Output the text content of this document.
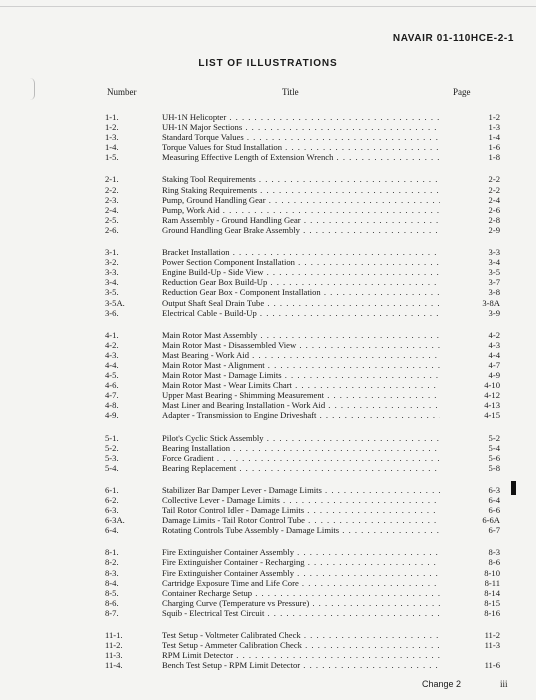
NAVAIR 01-110HCE-2-1
LIST OF ILLUSTRATIONS
Number	Title	Page
1-1.	UH-1N Helicopter . . .	1-2
1-2.	UH-1N Major Sections . . .	1-3
1-3.	Standard Torque Values . . .	1-4
1-4.	Torque Values for Stud Installation . . .	1-6
1-5.	Measuring Effective Length of Extension Wrench . . .	1-8
2-1.	Staking Tool Requirements . . .	2-2
2-2.	Ring Staking Requirements . . .	2-2
2-3.	Pump, Ground Handling Gear . . .	2-4
2-4.	Pump, Work Aid . . .	2-6
2-5.	Ram Assembly - Ground Handling Gear . . .	2-8
2-6.	Ground Handling Gear Brake Assembly . . .	2-9
3-1.	Bracket Installation . . .	3-3
3-2.	Power Section Component Installation . . .	3-4
3-3.	Engine Build-Up - Side View . . .	3-5
3-4.	Reduction Gear Box Build-Up . . .	3-7
3-5.	Reduction Gear Box - Component Installation . . .	3-8
3-5A.	Output Shaft Seal Drain Tube . . .	3-8A
3-6.	Electrical Cable - Build-Up . . .	3-9
4-1.	Main Rotor Mast Assembly . . .	4-2
4-2.	Main Rotor Mast - Disassembled View . . .	4-3
4-3.	Mast Bearing - Work Aid . . .	4-4
4-4.	Main Rotor Mast - Alignment . . .	4-7
4-5.	Main Rotor Mast - Damage Limits . . .	4-9
4-6.	Main Rotor Mast - Wear Limits Chart . . .	4-10
4-7.	Upper Mast Bearing - Shimming Measurement . . .	4-12
4-8.	Mast Liner and Bearing Installation - Work Aid . . .	4-13
4-9.	Adapter - Transmission to Engine Driveshaft . . .	4-15
5-1.	Pilot's Cyclic Stick Assembly . . .	5-2
5-2.	Bearing Installation . . .	5-4
5-3.	Force Gradient . . .	5-6
5-4.	Bearing Replacement . . .	5-8
6-1.	Stabilizer Bar Damper Lever - Damage Limits . . .	6-3
6-2.	Collective Lever - Damage Limits . . .	6-4
6-3.	Tail Rotor Control Idler - Damage Limits . . .	6-6
6-3A.	Damage Limits - Tail Rotor Control Tube . . .	6-6A
6-4.	Rotating Controls Tube Assembly - Damage Limits . . .	6-7
8-1.	Fire Extinguisher Container Assembly . . .	8-3
8-2.	Fire Extinguisher Container - Recharging . . .	8-6
8-3.	Fire Extinguisher Container Assembly . . .	8-10
8-4.	Cartridge Exposure Time and Life Core . . .	8-11
8-5.	Container Recharge Setup . . .	8-14
8-6.	Charging Curve (Temperature vs Pressure) . . .	8-15
8-7.	Squib - Electrical Test Circuit . . .	8-16
11-1.	Test Setup - Voltmeter Calibrated Check . . .	11-2
11-2.	Test Setup - Ammeter Calibration Check . . .	11-3
11-3.	RPM Limit Detector . . .
11-4.	Bench Test Setup - RPM Limit Detector . . .	11-6
Change 2	iii
